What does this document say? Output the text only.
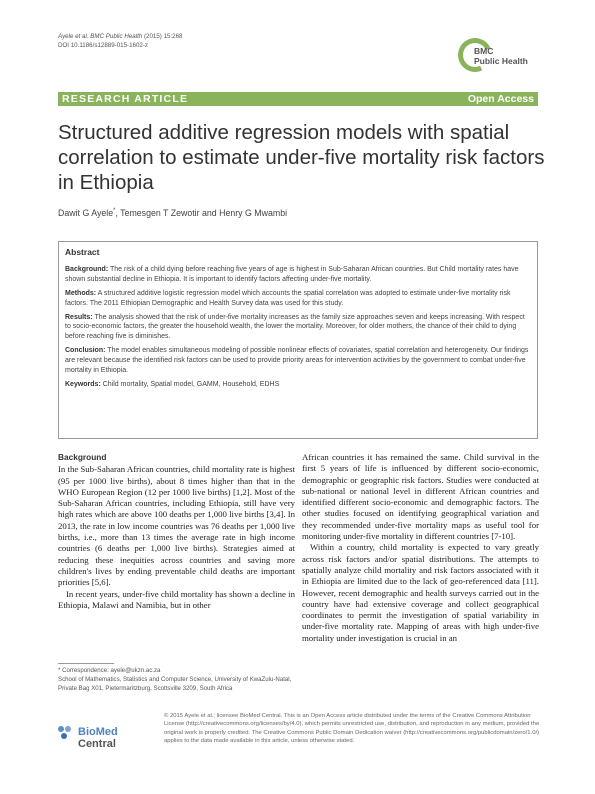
Ayele et al. BMC Public Health (2015) 15:268
DOI 10.1186/s12889-015-1602-z
BMC
Public Health
RESEARCH ARTICLE	Open Access
Structured additive regression models with spatial correlation to estimate under-five mortality risk factors in Ethiopia
Dawit G Ayele*, Temesgen T Zewotir and Henry G Mwambi
Abstract

Background: The risk of a child dying before reaching five years of age is highest in Sub-Saharan African countries. But Child mortality rates have shown substantial decline in Ethiopia. It is important to identify factors affecting under-five mortality.

Methods: A structured additive logistic regression model which accounts the spatial correlation was adopted to estimate under-five mortality risk factors. The 2011 Ethiopian Demographic and Health Survey data was used for this study.

Results: The analysis showed that the risk of under-five mortality increases as the family size approaches seven and keeps increasing. With respect to socio-economic factors, the greater the household wealth, the lower the mortality. Moreover, for older mothers, the chance of their child to dying before reaching five is diminishes.

Conclusion: The model enables simultaneous modeling of possible nonlinear effects of covariates, spatial correlation and heterogeneity. Our findings are relevant because the identified risk factors can be used to provide priority areas for intervention activities by the government to combat under-five mortality in Ethiopia.

Keywords: Child mortality, Spatial model, GAMM, Household, EDHS

Background

In the Sub-Saharan African countries, child mortality rate is highest (95 per 1000 live births), about 8 times higher than that in the WHO European Region (12 per 1000 live births) [1,2]. Most of the Sub-Saharan African countries, including Ethiopia, still have very high rates which are above 100 deaths per 1,000 live births [3,4]. In 2013, the rate in low income countries was 76 deaths per 1,000 live births, i.e., more than 13 times the average rate in high income countries (6 deaths per 1,000 live births). Strategies aimed at reducing these inequities across countries and saving more children's lives by ending preventable child deaths are important priorities [5,6].

In recent years, under-five child mortality has shown a decline in Ethiopia, Malawi and Namibia, but in other

African countries it has remained the same. Child survival in the first 5 years of life is influenced by different socio-economic, demographic or geographic risk factors. Studies were conducted at sub-national or national level in different African countries and identified different socio-economic and demographic factors. The other studies focused on identifying geographical variation and they recommended under-five mortality maps as useful tool for monitoring under-five mortality in different countries [7-10].

Within a country, child mortality is expected to vary greatly across risk factors and/or spatial distributions. The attempts to spatially analyze child mortality and risk factors associated with it in Ethiopia are limited due to the lack of geo-referenced data [11]. However, recent demographic and health surveys carried out in the country have had extensive coverage and collect geographical coordinates to permit the investigation of spatial variability in under-five mortality rate. Mapping of areas with high under-five mortality under investigation is crucial in an

* Correspondence: ayele@ukzn.ac.za

School of Mathematics, Statistics and Computer Science, University of KwaZulu-Natal, Private Bag X01, Pietermaritzburg, Scottsville 3209, South Africa

BioMed Central
© 2015 Ayele et al.; licensee BioMed Central. This is an Open Access article distributed under the terms of the Creative Commons Attribution License (http://creativecommons.org/licenses/by/4.0), which permits unrestricted use, distribution, and reproduction in any medium, provided the original work is properly credited. The Creative Commons Public Domain Dedication waiver (http://creativecommons.org/publicdomain/zero/1.0/) applies to the data made available in this article, unless otherwise stated.
